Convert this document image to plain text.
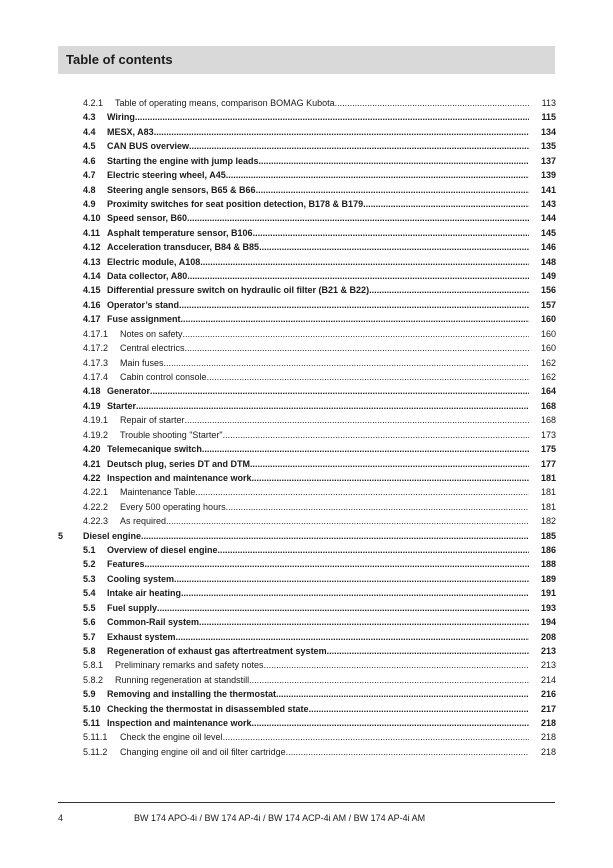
Table of contents
4.2.1 Table of operating means, comparison BOMAG Kubota .....	113
4.3 Wiring .....	115
4.4 MESX, A83 .....	134
4.5 CAN BUS overview .....	135
4.6 Starting the engine with jump leads .....	137
4.7 Electric steering wheel, A45 .....	139
4.8 Steering angle sensors, B65 & B66 .....	141
4.9 Proximity switches for seat position detection, B178 & B179 .....	143
4.10 Speed sensor, B60 .....	144
4.11 Asphalt temperature sensor, B106 .....	145
4.12 Acceleration transducer, B84 & B85 .....	146
4.13 Electric module, A108 .....	148
4.14 Data collector, A80 .....	149
4.15 Differential pressure switch on hydraulic oil filter (B21 & B22) .....	156
4.16 Operator’s stand .....	157
4.17 Fuse assignment .....	160
4.17.1 Notes on safety .....	160
4.17.2 Central electrics .....	160
4.17.3 Main fuses .....	162
4.17.4 Cabin control console .....	162
4.18 Generator .....	164
4.19 Starter .....	168
4.19.1 Repair of starter .....	168
4.19.2 Trouble shooting "Starter" .....	173
4.20 Telemecanique switch .....	175
4.21 Deutsch plug, series DT and DTM .....	177
4.22 Inspection and maintenance work .....	181
4.22.1 Maintenance Table .....	181
4.22.2 Every 500 operating hours .....	181
4.22.3 As required .....	182
5 Diesel engine .....	185
5.1 Overview of diesel engine .....	186
5.2 Features .....	188
5.3 Cooling system .....	189
5.4 Intake air heating .....	191
5.5 Fuel supply .....	193
5.6 Common-Rail system .....	194
5.7 Exhaust system .....	208
5.8 Regeneration of exhaust gas aftertreatment system .....	213
5.8.1 Preliminary remarks and safety notes .....	213
5.8.2 Running regeneration at standstill .....	214
5.9 Removing and installing the thermostat .....	216
5.10 Checking the thermostat in disassembled state .....	217
5.11 Inspection and maintenance work .....	218
5.11.1 Check the engine oil level .....	218
5.11.2 Changing engine oil and oil filter cartridge .....	218
4	BW 174 APO-4i / BW 174 AP-4i / BW 174 ACP-4i AM / BW 174 AP-4i AM
